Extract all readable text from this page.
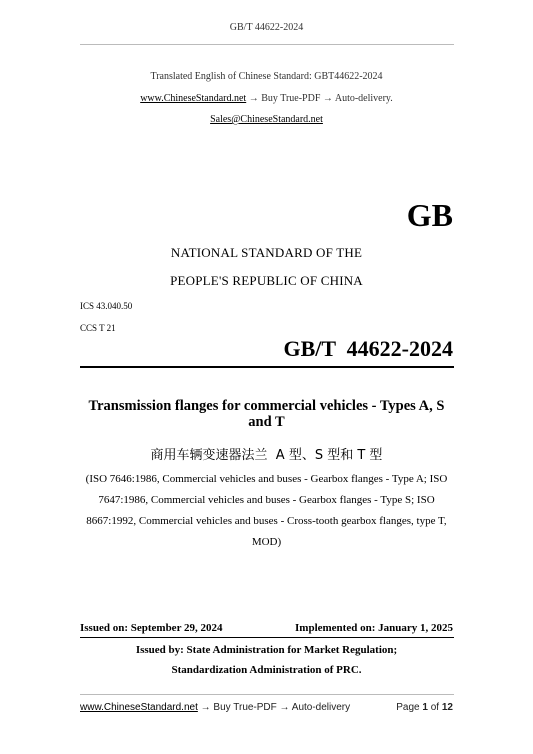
GB/T 44622-2024
Translated English of Chinese Standard: GBT44622-2024
www.ChineseStandard.net → Buy True-PDF → Auto-delivery.
Sales@ChineseStandard.net
GB
NATIONAL STANDARD OF THE
PEOPLE'S REPUBLIC OF CHINA
ICS 43.040.50
CCS T 21
GB/T  44622-2024
Transmission flanges for commercial vehicles - Types A, S
and T
商用车辆变速器法兰  A 型、S 型和 T 型
(ISO 7646:1986, Commercial vehicles and buses - Gearbox flanges - Type A; ISO
7647:1986, Commercial vehicles and buses - Gearbox flanges - Type S; ISO
8667:1992, Commercial vehicles and buses - Cross-tooth gearbox flanges, type T,
MOD)
Issued on: September 29, 2024	Implemented on: January 1, 2025
Issued by: State Administration for Market Regulation;
Standardization Administration of PRC.
www.ChineseStandard.net → Buy True-PDF → Auto-delivery	Page 1 of 12
